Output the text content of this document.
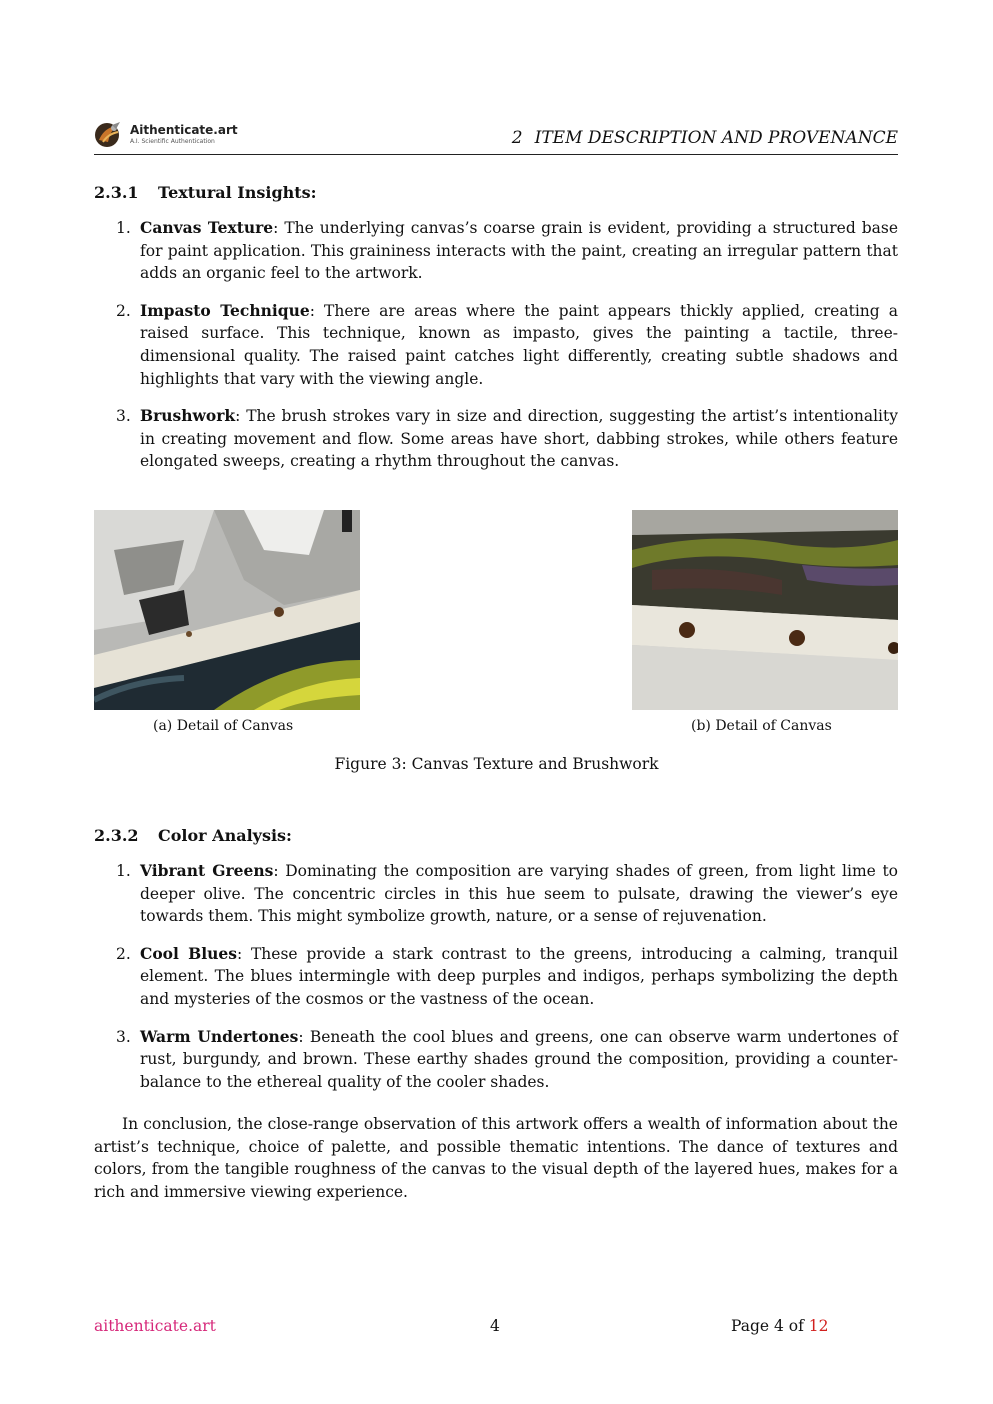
Aithenticate.art
A.I. Scientific Authentication	2 ITEM DESCRIPTION AND PROVENANCE
2.3.1 Textural Insights:
1. Canvas Texture: The underlying canvas’s coarse grain is evident, providing a structured base for paint application. This graininess interacts with the paint, creating an irregular pattern that adds an organic feel to the artwork.
2. Impasto Technique: There are areas where the paint appears thickly applied, creating a raised surface. This technique, known as impasto, gives the painting a tactile, three-dimensional quality. The raised paint catches light differently, creating subtle shadows and highlights that vary with the viewing angle.
3. Brushwork: The brush strokes vary in size and direction, suggesting the artist’s intentionality in creating movement and flow. Some areas have short, dabbing strokes, while others feature elongated sweeps, creating a rhythm throughout the canvas.
(a) Detail of Canvas	(b) Detail of Canvas
Figure 3: Canvas Texture and Brushwork
2.3.2 Color Analysis:
1. Vibrant Greens: Dominating the composition are varying shades of green, from light lime to deeper olive. The concentric circles in this hue seem to pulsate, drawing the viewer’s eye towards them. This might symbolize growth, nature, or a sense of rejuvenation.
2. Cool Blues: These provide a stark contrast to the greens, introducing a calming, tranquil element. The blues intermingle with deep purples and indigos, perhaps symbolizing the depth and mysteries of the cosmos or the vastness of the ocean.
3. Warm Undertones: Beneath the cool blues and greens, one can observe warm undertones of rust, burgundy, and brown. These earthy shades ground the composition, providing a counter-balance to the ethereal quality of the cooler shades.

In conclusion, the close-range observation of this artwork offers a wealth of information about the artist’s technique, choice of palette, and possible thematic intentions. The dance of textures and colors, from the tangible roughness of the canvas to the visual depth of the layered hues, makes for a rich and immersive viewing experience.

aithenticate.art	4	Page 4 of 12
